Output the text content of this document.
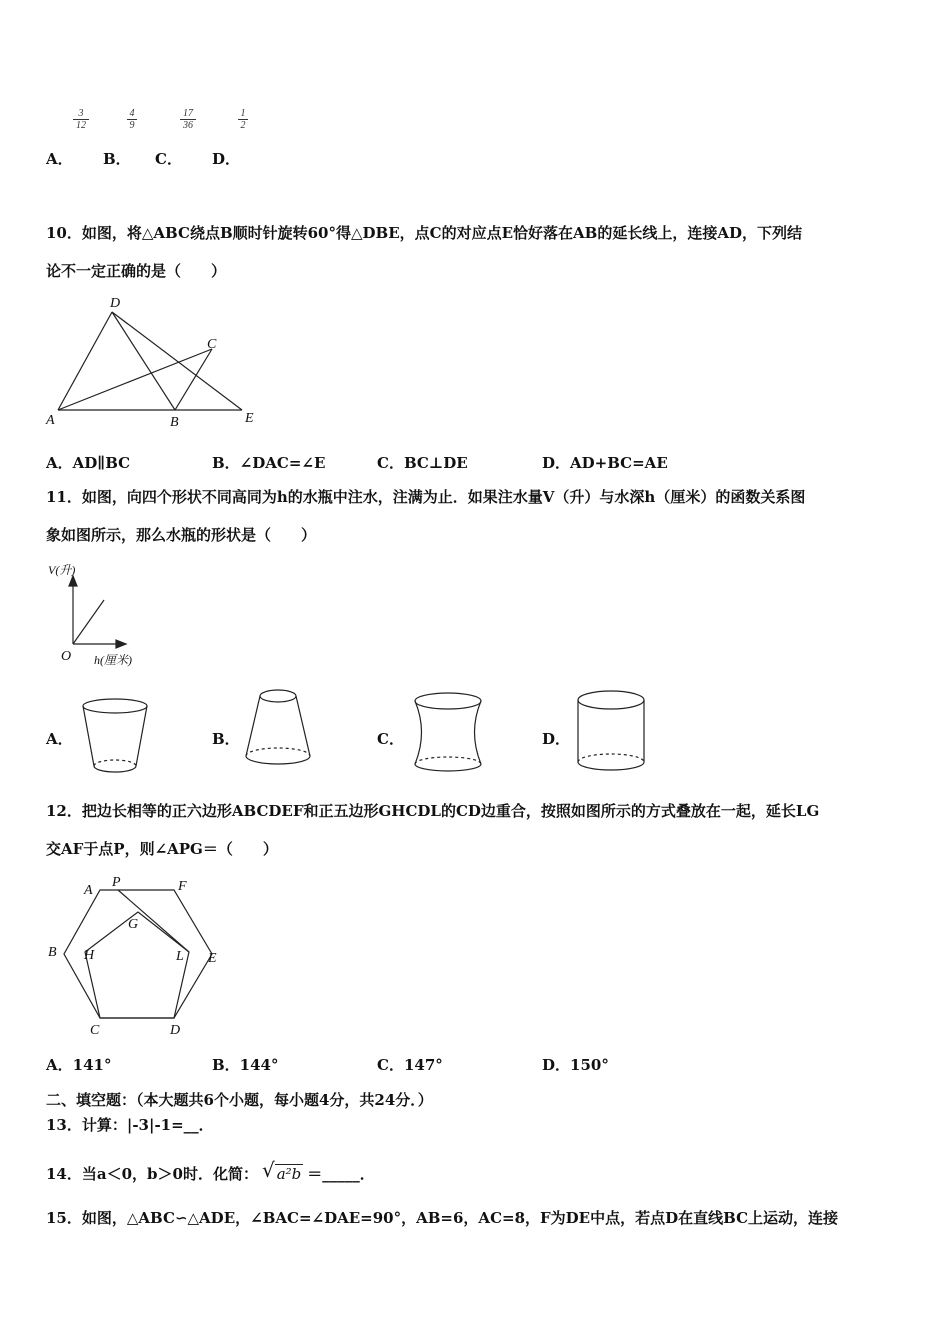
$\frac{3}{12}$	$\frac{4}{9}$	$\frac{17}{36}$	$\frac{1}{2}$
A． B． C． D．
10．如图，将△ABC绕点B顺时针旋转60°得△DBE，点C的对应点E恰好落在AB的延长线上，连接AD，下列结
论不一定正确的是（　　）
D
C
A	B	E
A．AD∥BC	B．∠DAC=∠E	C．BC⊥DE	D．AD+BC=AE
11．如图，向四个形状不同高同为h的水瓶中注水，注满为止．如果注水量V（升）与水深h（厘米）的函数关系图
象如图所示，那么水瓶的形状是（　　）
V(升)
O h(厘米)
A．	B．	C．	D．
12．把边长相等的正六边形ABCDEF和正五边形GHCDL的CD边重合，按照如图所示的方式叠放在一起，延长LG
交AF于点P，则∠APG＝（　　）
A
P	F
G
B H	L E
C	D
A．141°	B．144°	C．147°	D．150°
二、填空题：（本大题共6个小题，每小题4分，共24分．）
13．计算：|-3|-1=__．
14．当a＜0，b＞0时．化简： √ a²b ＝_____．
15．如图，△ABC∽△ADE，∠BAC=∠DAE=90°，AB=6，AC=8，F为DE中点，若点D在直线BC上运动，连接
